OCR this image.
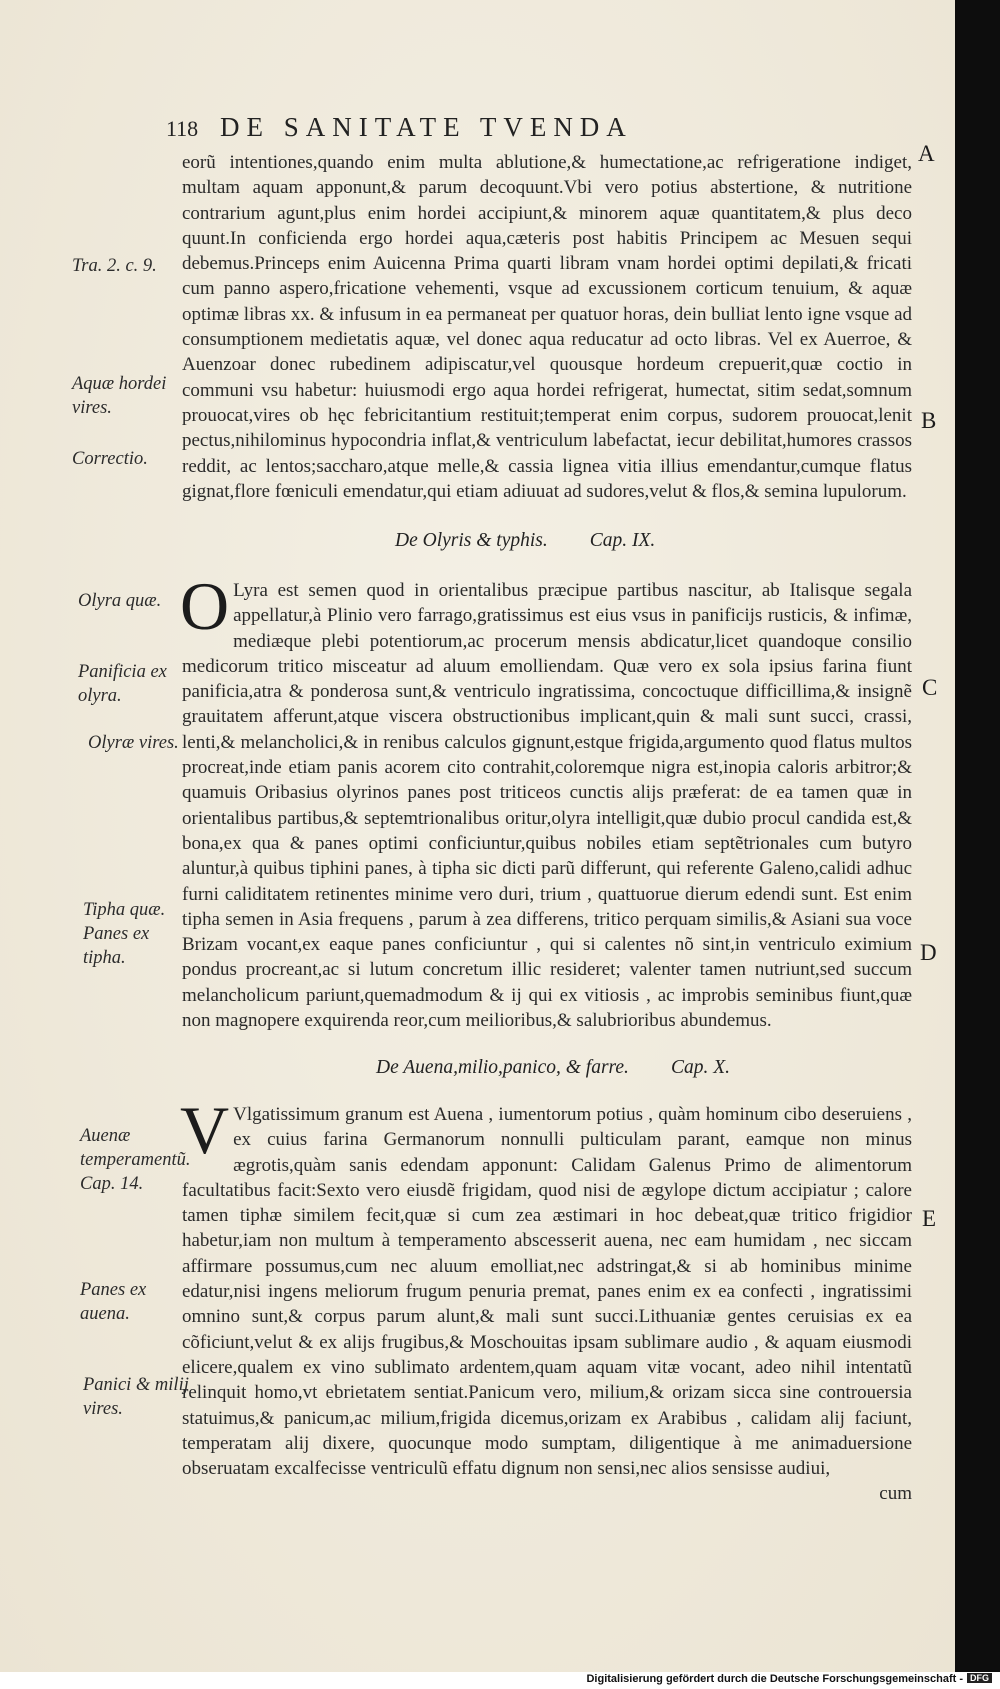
118 DE SANITATE TVENDA

eorũ intentiones,quando enim multa ablutione,& humectatione,ac refrigeratione indiget, multam aquam apponunt,& parum decoquunt.Vbi vero potius abstertione, & nutritione contrarium agunt,plus enim hordei accipiunt,& minorem aquæ quantitatem,& plus deco quunt.In conficienda ergo hordei aqua,cæteris post habitis Principem ac Mesuen sequi debemus.Princeps enim Auicenna Prima quarti libram vnam hordei optimi depilati,& fricati cum panno aspero,fricatione vehementi, vsque ad excussionem corticum tenuium, & aquæ optimæ libras xx. & infusum in ea permaneat per quatuor horas, dein bulliat lento igne vsque ad consumptionem medietatis aquæ, vel donec aqua reducatur ad octo libras. Vel ex Auerroe, & Auenzoar donec rubedinem adipiscatur,vel quousque hordeum crepuerit,quæ coctio in communi vsu habetur: huiusmodi ergo aqua hordei refrigerat, humectat, sitim sedat,somnum prouocat,vires ob hęc febricitantium restituit;temperat enim corpus, sudorem prouocat,lenit pectus,nihilominus hypocondria inflat,& ventriculum labefactat, iecur debilitat,humores crassos reddit, ac lentos;saccharo,atque melle,& cassia lignea vitia illius emendantur,cumque flatus gignat,flore fœniculi emendatur,qui etiam adiuuat ad sudores,velut & flos,& semina lupulorum.

De Olyris & typhis. Cap. IX.

O Lyra est semen quod in orientalibus præcipue partibus nascitur, ab Italisque segala appellatur,à Plinio vero farrago,gratissimus est eius vsus in panificijs rusticis, & infimæ, mediæque plebi potentiorum,ac procerum mensis abdicatur,licet quandoque consilio medicorum tritico misceatur ad aluum emolliendam. Quæ vero ex sola ipsius farina fiunt panificia,atra & ponderosa sunt,& ventriculo ingratissima, concoctuque difficillima,& insignẽ grauitatem afferunt,atque viscera obstructionibus implicant,quin & mali sunt succi, crassi, lenti,& melancholici,& in renibus calculos gignunt,estque frigida,argumento quod flatus multos procreat,inde etiam panis acorem cito contrahit,coloremque nigra est,inopia caloris arbitror;& quamuis Oribasius olyrinos panes post triticeos cunctis alijs præferat: de ea tamen quæ in orientalibus partibus,& septemtrionalibus oritur,olyra intelligit,quæ dubio procul candida est,& bona,ex qua & panes optimi conficiuntur,quibus nobiles etiam septẽtrionales cum butyro aluntur,à quibus tiphini panes, à tipha sic dicti parũ differunt, qui referente Galeno,calidi adhuc furni caliditatem retinentes minime vero duri, trium , quattuorue dierum edendi sunt. Est enim tipha semen in Asia frequens , parum à zea differens, tritico perquam similis,& Asiani sua voce Brizam vocant,ex eaque panes conficiuntur , qui si calentes nõ sint,in ventriculo eximium pondus procreant,ac si lutum concretum illic resideret; valenter tamen nutriunt,sed succum melancholicum pariunt,quemadmodum & ij qui ex vitiosis , ac improbis seminibus fiunt,quæ non magnopere exquirenda reor,cum meilioribus,& salubrioribus abundemus.

De Auena,milio,panico, & farre. Cap. X.

V Vlgatissimum granum est Auena , iumentorum potius , quàm hominum cibo deseruiens , ex cuius farina Germanorum nonnulli pulticulam parant, eamque non minus ægrotis,quàm sanis edendam apponunt: Calidam Galenus Primo de alimentorum facultatibus facit:Sexto vero eiusdẽ frigidam, quod nisi de ægylope dictum accipiatur ; calore tamen tiphæ similem fecit,quæ si cum zea æstimari in hoc debeat,quæ tritico frigidior habetur,iam non multum à temperamento abscesserit auena, nec eam humidam , nec siccam affirmare possumus,cum nec aluum emolliat,nec adstringat,& si ab hominibus minime edatur,nisi ingens meliorum frugum penuria premat, panes enim ex ea confecti , ingratissimi omnino sunt,& corpus parum alunt,& mali sunt succi.Lithuaniæ gentes ceruisias ex ea cõficiunt,velut & ex alijs frugibus,& Moschouitas ipsam sublimare audio , & aquam eiusmodi elicere,qualem ex vino sublimato ardentem,quam aquam vitæ vocant, adeo nihil intentatũ relinquit homo,vt ebrietatem sentiat.Panicum vero, milium,& orizam sicca sine controuersia statuimus,& panicum,ac milium,frigida dicemus,orizam ex Arabibus , calidam alij faciunt, temperatam alij dixere, quocunque modo sumptam, diligentique à me animaduersione obseruatam excalfecisse ventriculũ effatu dignum non sensi,nec alios sensisse audiui,

cum

Tra. 2. c. 9.
Aquæ hordei vires.
Correctio.
Olyra quæ.
Panificia ex olyra.
Olyræ vires.
Tipha quæ. Panes ex tipha.
Auenæ temperamentũ. Cap. 14.
Panes ex auena.
Panici & milij vires.
A
B
C
D
E
Digitalisierung gefördert durch die Deutsche Forschungsgemeinschaft - DFG
